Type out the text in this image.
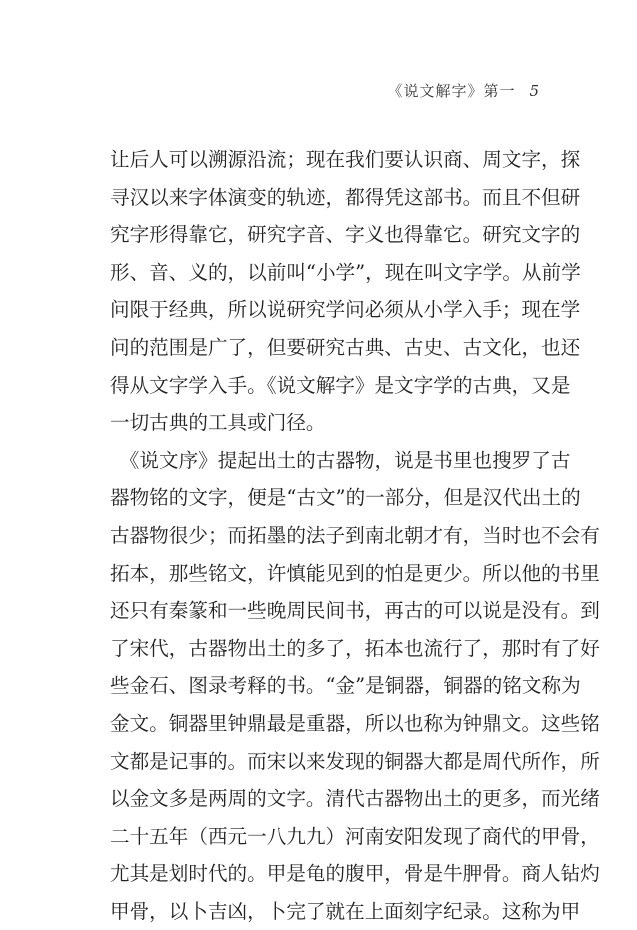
《说文解字》第一 5
让后人可以溯源沿流；现在我们要认识商、周文字，探
寻汉以来字体演变的轨迹，都得凭这部书。而且不但研
究字形得靠它，研究字音、字义也得靠它。研究文字的
形、音、义的，以前叫“小学”，现在叫文字学。从前学
问限于经典，所以说研究学问必须从小学入手；现在学
问的范围是广了，但要研究古典、古史、古文化，也还
得从文字学入手。《说文解字》是文字学的古典，又是
一切古典的工具或门径。
　《说文序》提起出土的古器物，说是书里也搜罗了古
器物铭的文字，便是“古文”的一部分，但是汉代出土的
古器物很少；而拓墨的法子到南北朝才有，当时也不会有
拓本，那些铭文，许慎能见到的怕是更少。所以他的书里
还只有秦篆和一些晚周民间书，再古的可以说是没有。到
了宋代，古器物出土的多了，拓本也流行了，那时有了好
些金石、图录考释的书。“金”是铜器，铜器的铭文称为
金文。铜器里钟鼎最是重器，所以也称为钟鼎文。这些铭
文都是记事的。而宋以来发现的铜器大都是周代所作，所
以金文多是两周的文字。清代古器物出土的更多，而光绪
二十五年（西元一八九九）河南安阳发现了商代的甲骨，
尤其是划时代的。甲是龟的腹甲，骨是牛胛骨。商人钻灼
甲骨，以卜吉凶，卜完了就在上面刻字纪录。这称为甲
